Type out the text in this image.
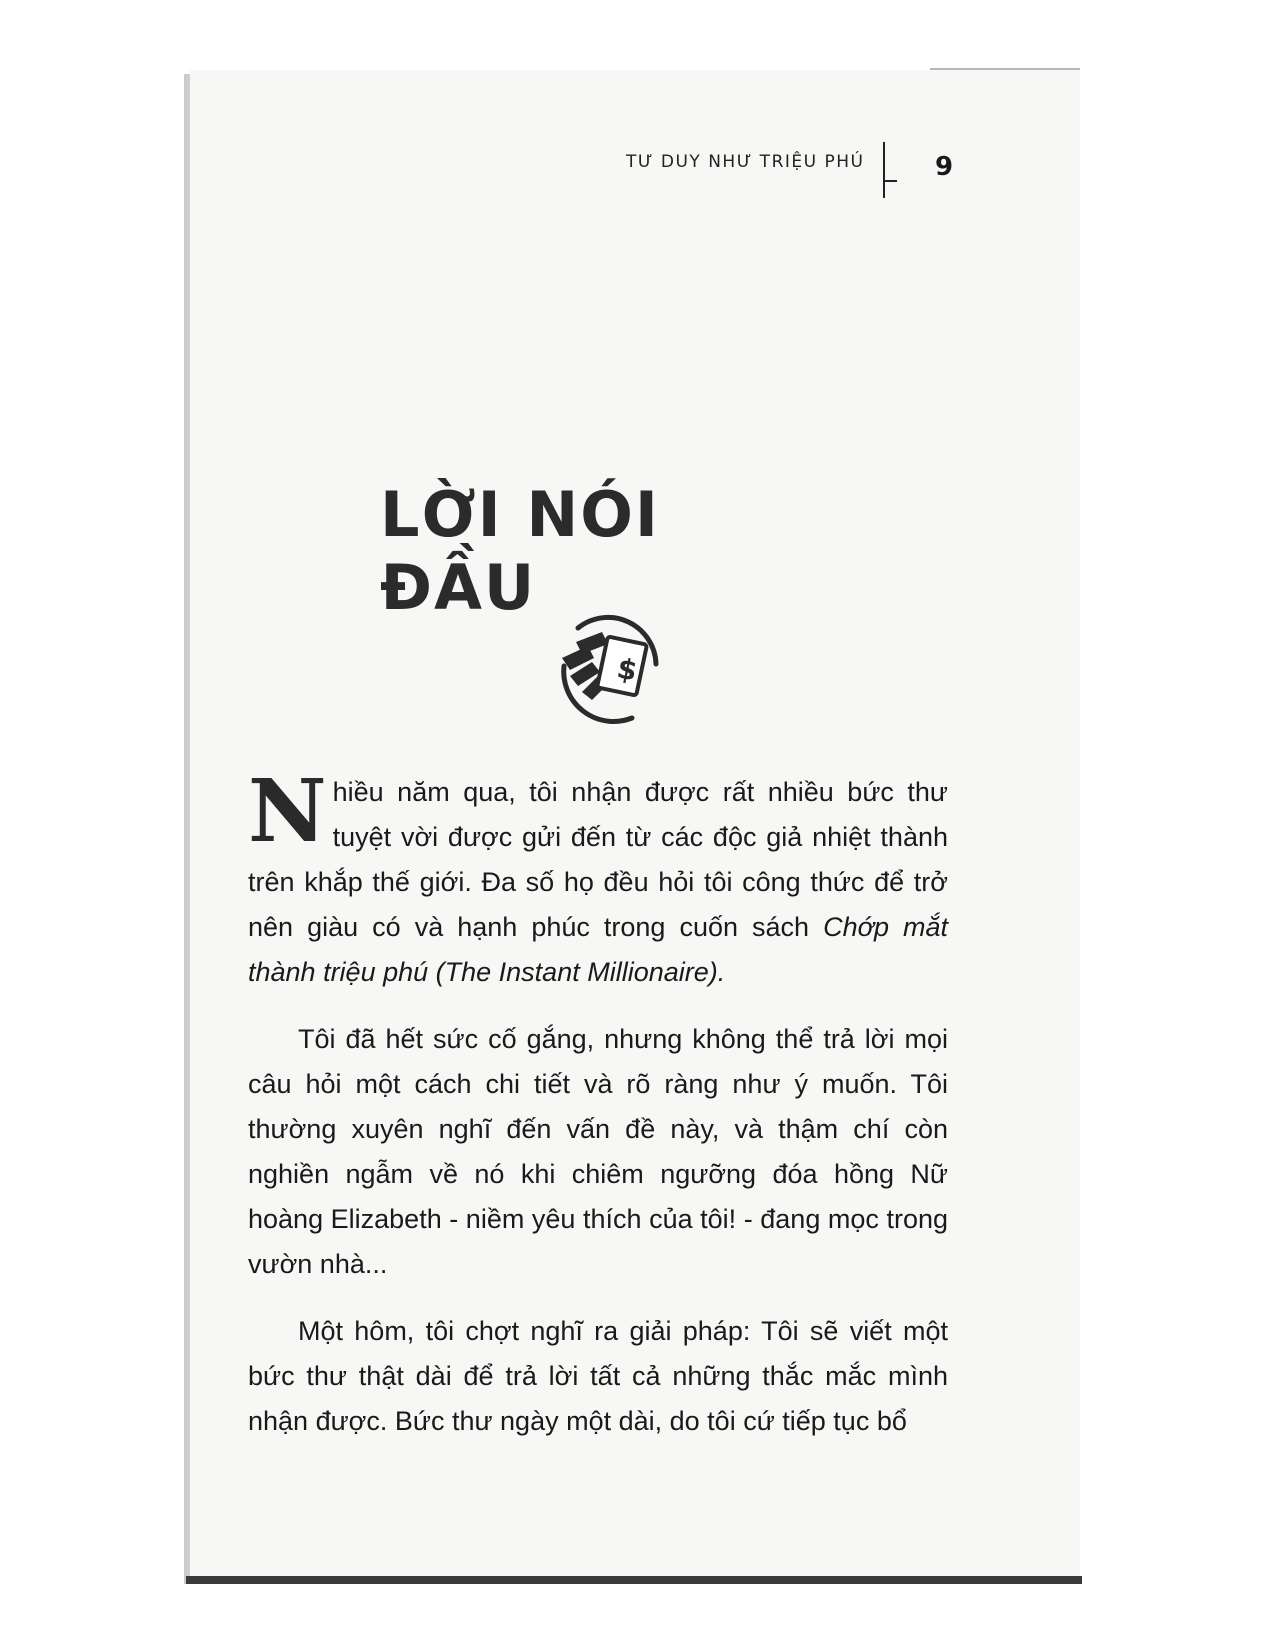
TƯ DUY NHƯ TRIỆU PHÚ	9
LỜI NÓI ĐẦU
$

Nhiều năm qua, tôi nhận được rất nhiều bức thư tuyệt vời được gửi đến từ các độc giả nhiệt thành trên khắp thế giới. Đa số họ đều hỏi tôi công thức để trở nên giàu có và hạnh phúc trong cuốn sách Chớp mắt thành triệu phú (The Instant Millionaire).

Tôi đã hết sức cố gắng, nhưng không thể trả lời mọi câu hỏi một cách chi tiết và rõ ràng như ý muốn. Tôi thường xuyên nghĩ đến vấn đề này, và thậm chí còn nghiền ngẫm về nó khi chiêm ngưỡng đóa hồng Nữ hoàng Elizabeth - niềm yêu thích của tôi! - đang mọc trong vườn nhà...

Một hôm, tôi chợt nghĩ ra giải pháp: Tôi sẽ viết một bức thư thật dài để trả lời tất cả những thắc mắc mình nhận được. Bức thư ngày một dài, do tôi cứ tiếp tục bổ
